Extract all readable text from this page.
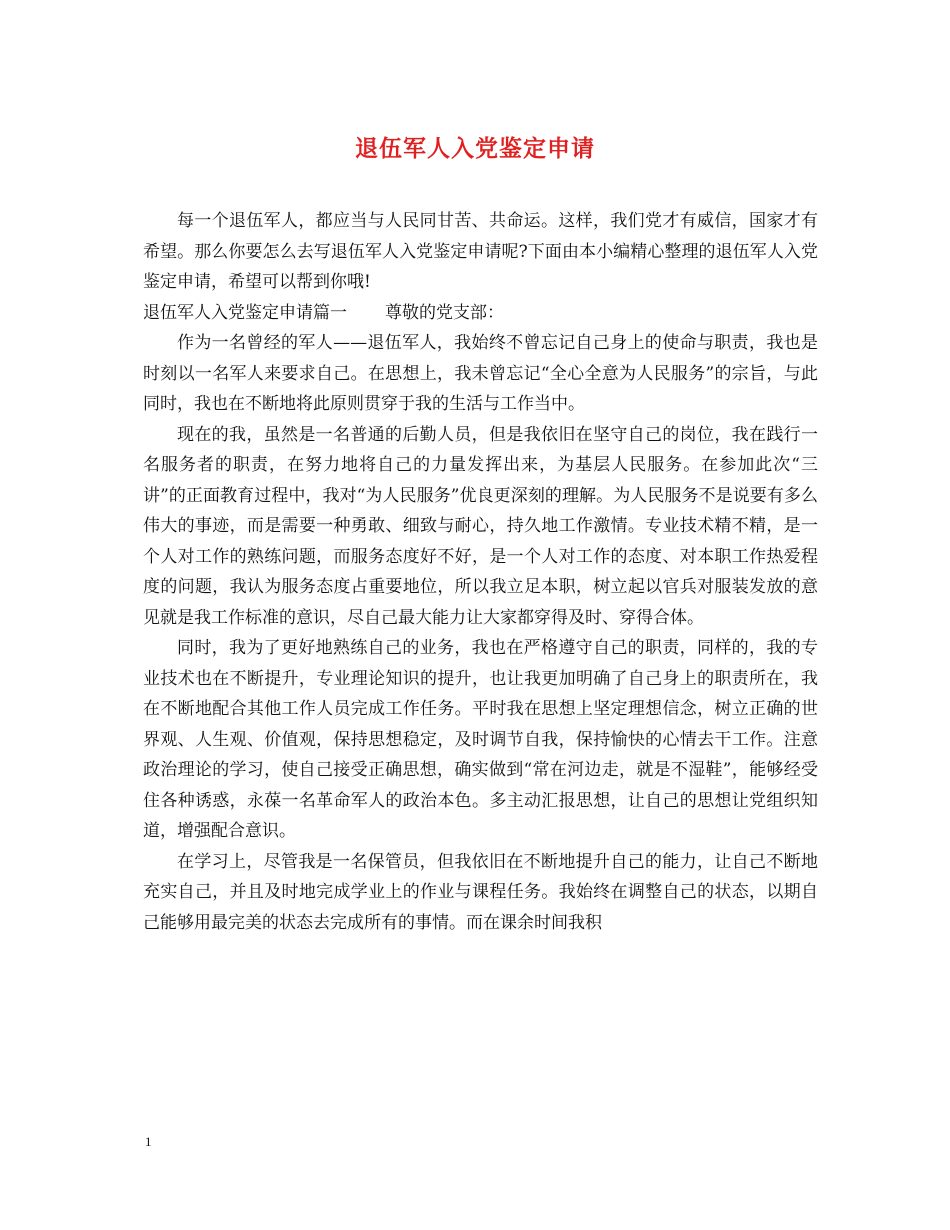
退伍军人入党鉴定申请

每一个退伍军人，都应当与人民同甘苦、共命运。这样，我们党才有威信，国家才有希望。那么你要怎么去写退伍军人入党鉴定申请呢?下面由本小编精心整理的退伍军人入党鉴定申请，希望可以帮到你哦!

退伍军人入党鉴定申请篇一 尊敬的党支部：

作为一名曾经的军人——退伍军人，我始终不曾忘记自己身上的使命与职责，我也是时刻以一名军人来要求自己。在思想上，我未曾忘记“全心全意为人民服务”的宗旨，与此同时，我也在不断地将此原则贯穿于我的生活与工作当中。

现在的我，虽然是一名普通的后勤人员，但是我依旧在坚守自己的岗位，我在践行一名服务者的职责，在努力地将自己的力量发挥出来，为基层人民服务。在参加此次“三讲”的正面教育过程中，我对“为人民服务”优良更深刻的理解。为人民服务不是说要有多么伟大的事迹，而是需要一种勇敢、细致与耐心，持久地工作激情。专业技术精不精，是一个人对工作的熟练问题，而服务态度好不好，是一个人对工作的态度、对本职工作热爱程度的问题，我认为服务态度占重要地位，所以我立足本职，树立起以官兵对服装发放的意见就是我工作标准的意识，尽自己最大能力让大家都穿得及时、穿得合体。

同时，我为了更好地熟练自己的业务，我也在严格遵守自己的职责，同样的，我的专业技术也在不断提升，专业理论知识的提升，也让我更加明确了自己身上的职责所在，我在不断地配合其他工作人员完成工作任务。平时我在思想上坚定理想信念，树立正确的世界观、人生观、价值观，保持思想稳定，及时调节自我，保持愉快的心情去干工作。注意政治理论的学习，使自己接受正确思想，确实做到“常在河边走，就是不湿鞋”，能够经受住各种诱惑，永葆一名革命军人的政治本色。多主动汇报思想，让自己的思想让党组织知道，增强配合意识。

在学习上，尽管我是一名保管员，但我依旧在不断地提升自己的能力，让自己不断地充实自己，并且及时地完成学业上的作业与课程任务。我始终在调整自己的状态，以期自己能够用最完美的状态去完成所有的事情。而在课余时间我积

1
